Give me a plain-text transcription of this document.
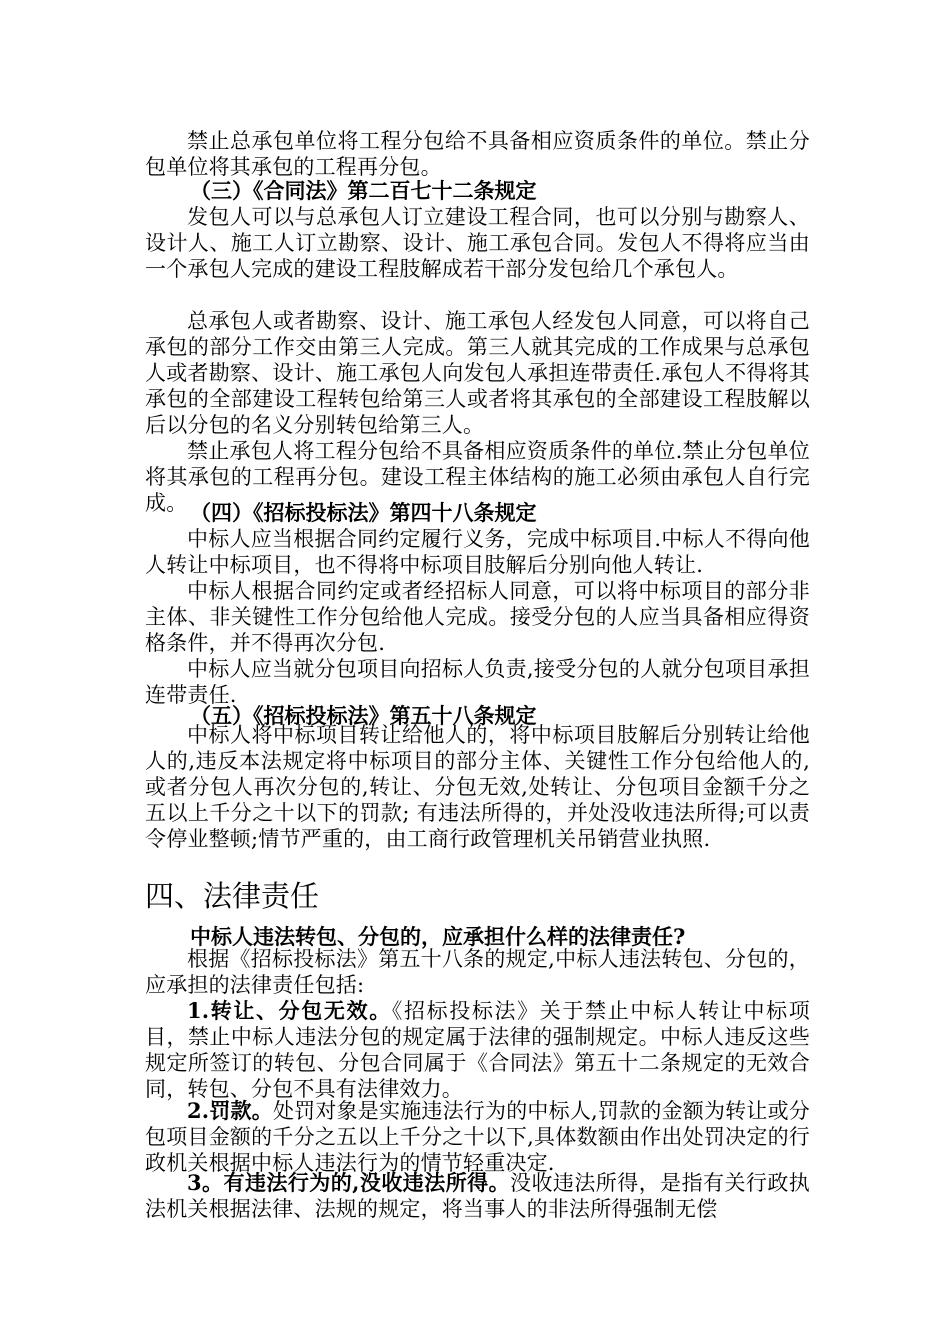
禁止总承包单位将工程分包给不具备相应资质条件的单位。禁止分包单位将其承包的工程再分包。

（三）《合同法》第二百七十二条规定

发包人可以与总承包人订立建设工程合同，也可以分别与勘察人、设计人、施工人订立勘察、设计、施工承包合同。发包人不得将应当由一个承包人完成的建设工程肢解成若干部分发包给几个承包人。

总承包人或者勘察、设计、施工承包人经发包人同意，可以将自己承包的部分工作交由第三人完成。第三人就其完成的工作成果与总承包人或者勘察、设计、施工承包人向发包人承担连带责任.承包人不得将其承包的全部建设工程转包给第三人或者将其承包的全部建设工程肢解以后以分包的名义分别转包给第三人。

禁止承包人将工程分包给不具备相应资质条件的单位.禁止分包单位将其承包的工程再分包。建设工程主体结构的施工必须由承包人自行完成。 （四）《招标投标法》第四十八条规定

中标人应当根据合同约定履行义务，完成中标项目.中标人不得向他人转让中标项目，也不得将中标项目肢解后分别向他人转让.

中标人根据合同约定或者经招标人同意，可以将中标项目的部分非主体、非关键性工作分包给他人完成。接受分包的人应当具备相应得资格条件，并不得再次分包.

中标人应当就分包项目向招标人负责,接受分包的人就分包项目承担连带责任.

（五）《招标投标法》第五十八条规定

中标人将中标项目转让给他人的，将中标项目肢解后分别转让给他人的,违反本法规定将中标项目的部分主体、关键性工作分包给他人的,或者分包人再次分包的,转让、分包无效,处转让、分包项目金额千分之五以上千分之十以下的罚款; 有违法所得的，并处没收违法所得;可以责令停业整顿;情节严重的，由工商行政管理机关吊销营业执照.

四、法律责任

中标人违法转包、分包的，应承担什么样的法律责任?

根据《招标投标法》第五十八条的规定,中标人违法转包、分包的，应承担的法律责任包括:

1.转让、分包无效。《招标投标法》关于禁止中标人转让中标项目，禁止中标人违法分包的规定属于法律的强制规定。中标人违反这些规定所签订的转包、分包合同属于《合同法》第五十二条规定的无效合同，转包、分包不具有法律效力。

2.罚款。处罚对象是实施违法行为的中标人,罚款的金额为转让或分包项目金额的千分之五以上千分之十以下,具体数额由作出处罚决定的行政机关根据中标人违法行为的情节轻重决定.

3。有违法行为的,没收违法所得。没收违法所得，是指有关行政执法机关根据法律、法规的规定，将当事人的非法所得强制无偿
